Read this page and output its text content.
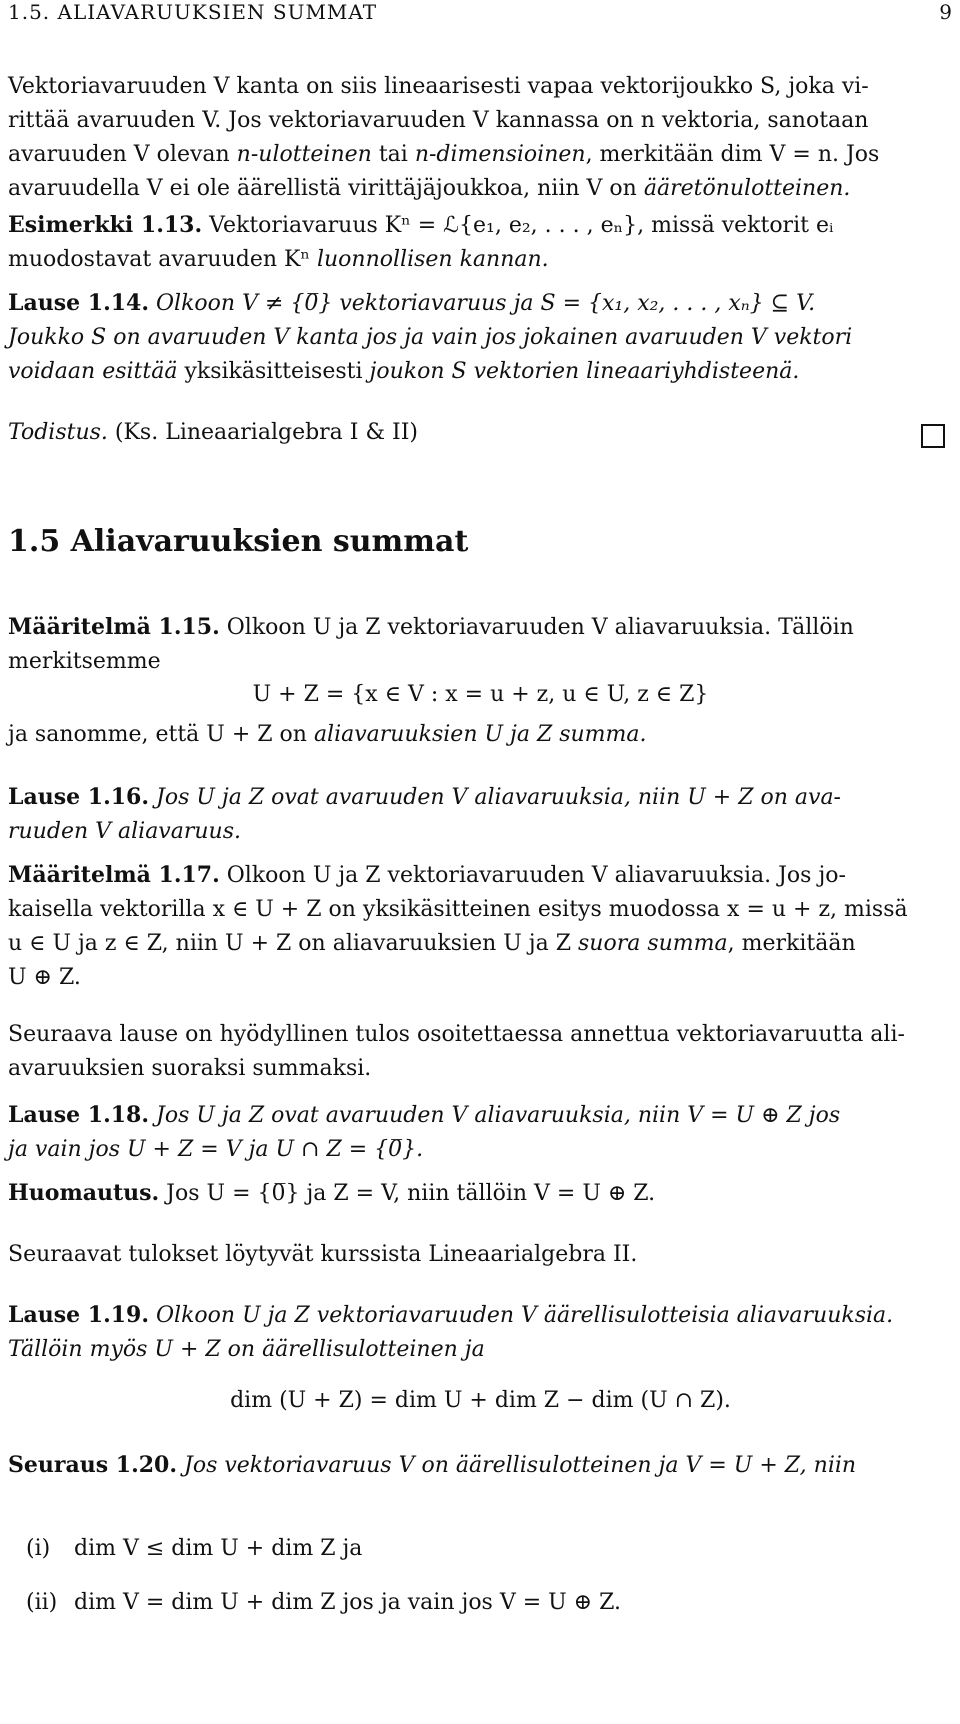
1.5. ALIAVARUUKSIEN SUMMAT	9
Vektoriavaruuden V kanta on siis lineaarisesti vapaa vektorijoukko S, joka vi-
rittää avaruuden V. Jos vektoriavaruuden V kannassa on n vektoria, sanotaan
avaruuden V olevan n-ulotteinen tai n-dimensioinen, merkitään dim V = n. Jos
avaruudella V ei ole äärellistä virittäjäjoukkoa, niin V on ääretönulotteinen.
Esimerkki 1.13. Vektoriavaruus Kⁿ = ℒ{e₁, e₂, . . . , eₙ}, missä vektorit eᵢ
muodostavat avaruuden Kⁿ luonnollisen kannan.
Lause 1.14. Olkoon V ≠ {0̅} vektoriavaruus ja S = {x₁, x₂, . . . , xₙ} ⊆ V.
Joukko S on avaruuden V kanta jos ja vain jos jokainen avaruuden V vektori
voidaan esittää yksikäsitteisesti joukon S vektorien lineaariyhdisteenä.
Todistus. (Ks. Lineaarialgebra I & II)
1.5 Aliavaruuksien summat
Määritelmä 1.15. Olkoon U ja Z vektoriavaruuden V aliavaruuksia. Tällöin
merkitsemme
U + Z = {x ∈ V : x = u + z, u ∈ U, z ∈ Z}
ja sanomme, että U + Z on aliavaruuksien U ja Z summa.
Lause 1.16. Jos U ja Z ovat avaruuden V aliavaruuksia, niin U + Z on ava-
ruuden V aliavaruus.
Määritelmä 1.17. Olkoon U ja Z vektoriavaruuden V aliavaruuksia. Jos jo-
kaisella vektorilla x ∈ U + Z on yksikäsitteinen esitys muodossa x = u + z, missä
u ∈ U ja z ∈ Z, niin U + Z on aliavaruuksien U ja Z suora summa, merkitään
U ⊕ Z.
Seuraava lause on hyödyllinen tulos osoitettaessa annettua vektoriavaruutta ali-
avaruuksien suoraksi summaksi.
Lause 1.18. Jos U ja Z ovat avaruuden V aliavaruuksia, niin V = U ⊕ Z jos
ja vain jos U + Z = V ja U ∩ Z = {0̅}.
Huomautus. Jos U = {0̅} ja Z = V, niin tällöin V = U ⊕ Z.
Seuraavat tulokset löytyvät kurssista Lineaarialgebra II.
Lause 1.19. Olkoon U ja Z vektoriavaruuden V äärellisulotteisia aliavaruuksia.
Tällöin myös U + Z on äärellisulotteinen ja
dim (U + Z) = dim U + dim Z − dim (U ∩ Z).
Seuraus 1.20. Jos vektoriavaruus V on äärellisulotteinen ja V = U + Z, niin
(i) dim V ≤ dim U + dim Z ja
(ii) dim V = dim U + dim Z jos ja vain jos V = U ⊕ Z.
